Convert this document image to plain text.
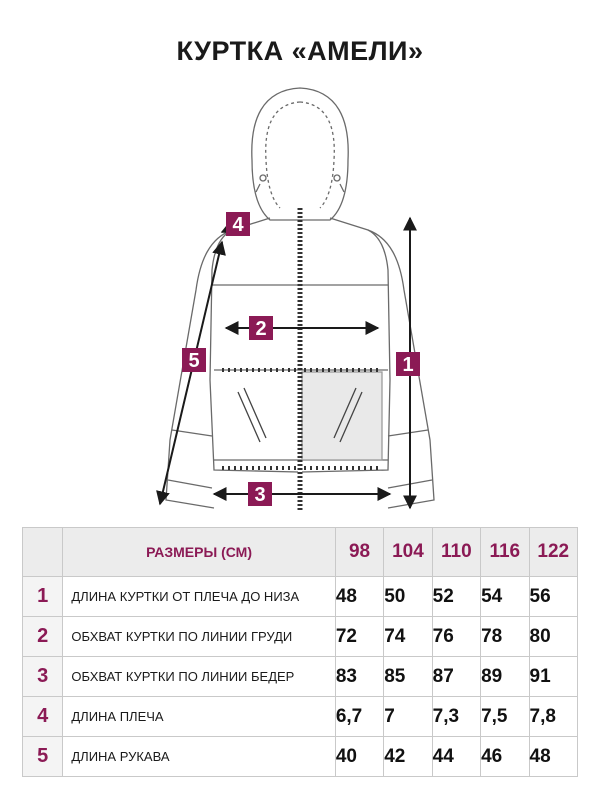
КУРТКА «АМЕЛИ»
4
2
5	1
3
	РАЗМЕРЫ (СМ)	98	104	110	116	122
1	ДЛИНА КУРТКИ ОТ ПЛЕЧА ДО НИЗА	48	50	52	54	56
2	ОБХВАТ КУРТКИ ПО ЛИНИИ ГРУДИ	72	74	76	78	80
3	ОБХВАТ КУРТКИ ПО ЛИНИИ БЕДЕР	83	85	87	89	91
4	ДЛИНА ПЛЕЧА	6,7	7	7,3	7,5	7,8
5	ДЛИНА РУКАВА	40	42	44	46	48
